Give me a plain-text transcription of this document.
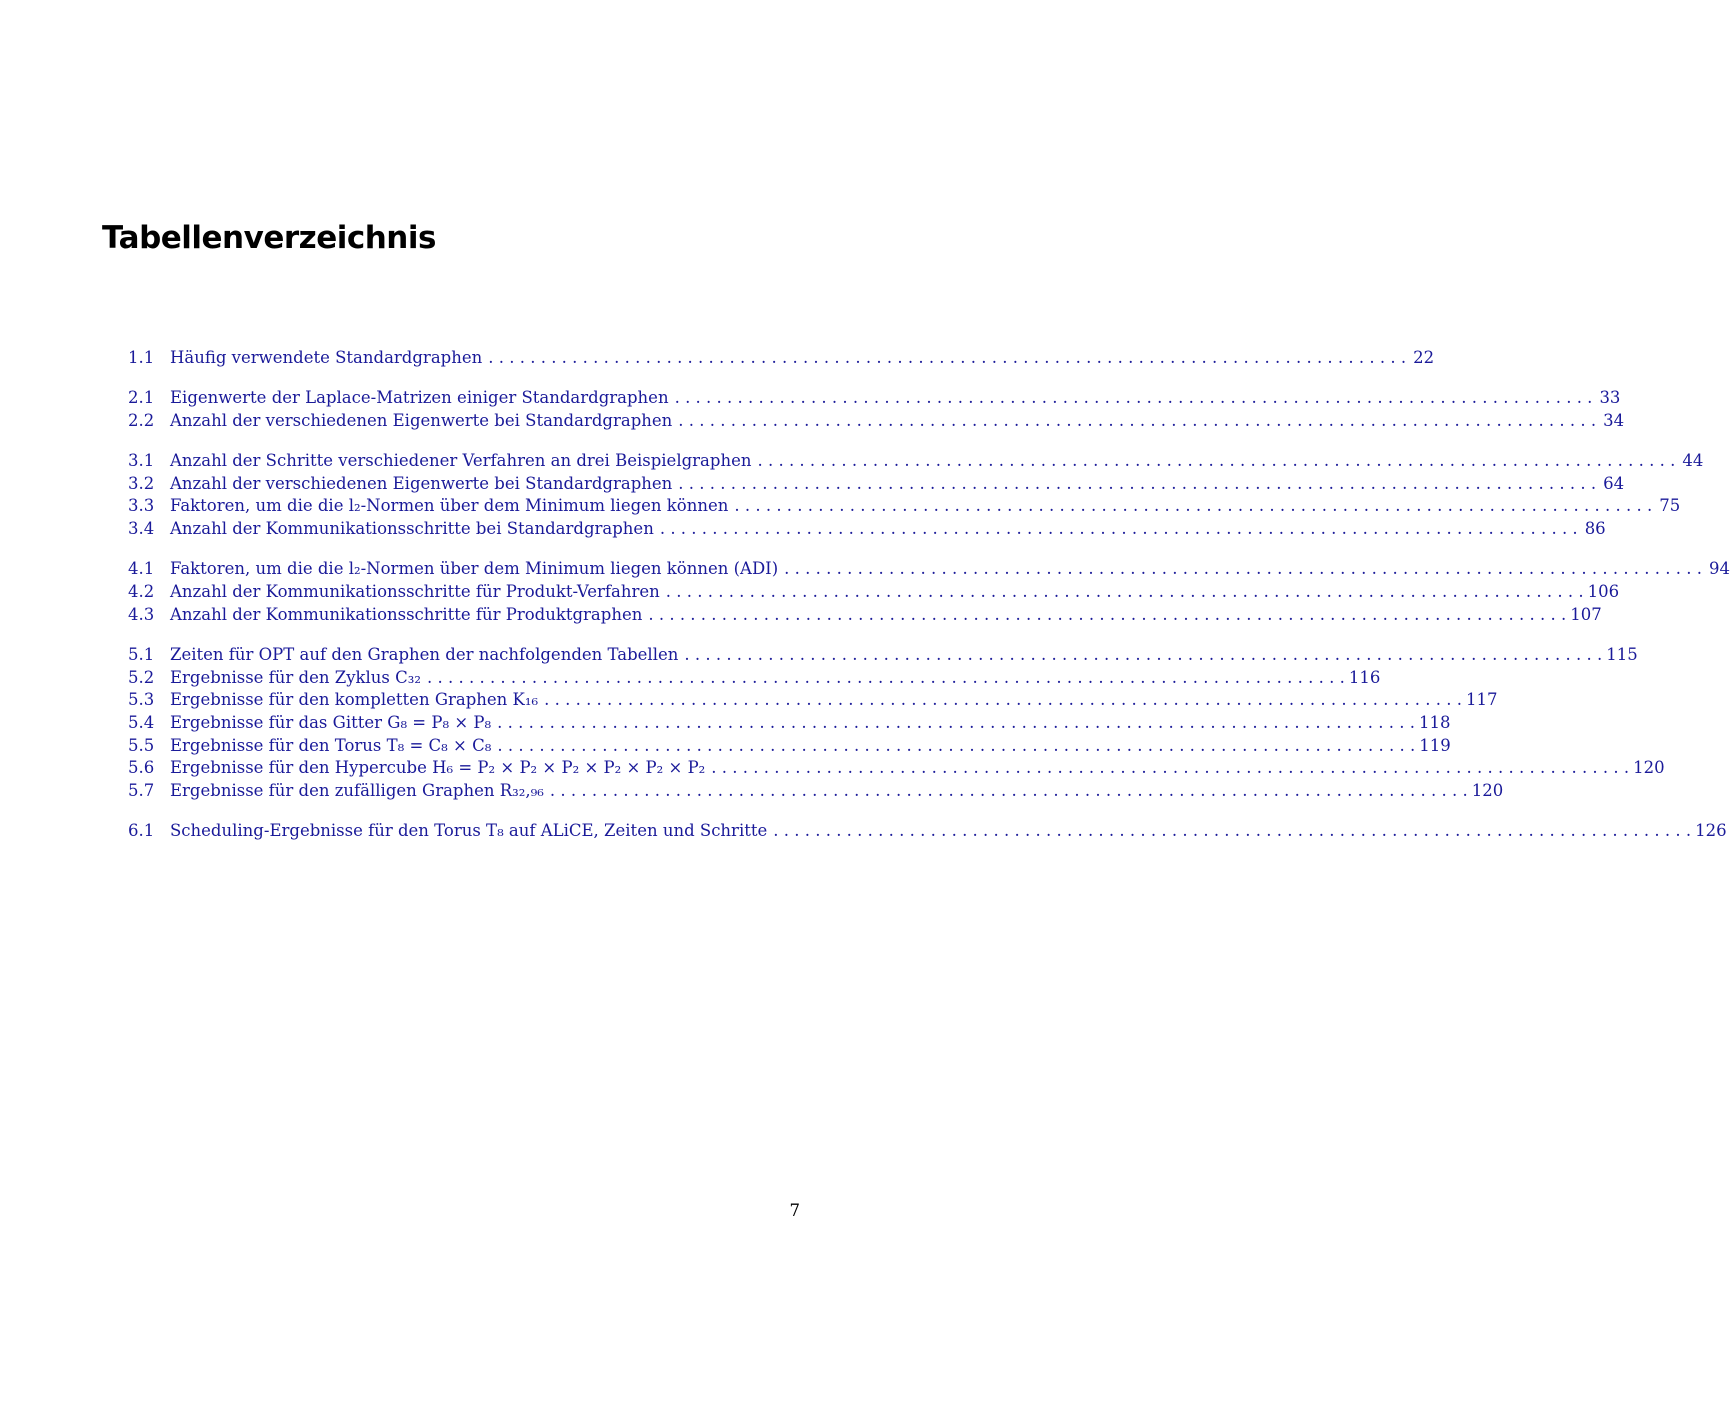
Tabellenverzeichnis
1.1 Häufig verwendete Standardgraphen . . .	22
2.1 Eigenwerte der Laplace-Matrizen einiger Standardgraphen . . .	33
2.2 Anzahl der verschiedenen Eigenwerte bei Standardgraphen . . .	34
3.1 Anzahl der Schritte verschiedener Verfahren an drei Beispielgraphen . . .	44
3.2 Anzahl der verschiedenen Eigenwerte bei Standardgraphen . . .	64
3.3 Faktoren, um die die l₂-Normen über dem Minimum liegen können . . .	75
3.4 Anzahl der Kommunikationsschritte bei Standardgraphen . . .	86
4.1 Faktoren, um die die l₂-Normen über dem Minimum liegen können (ADI) . . .	94
4.2 Anzahl der Kommunikationsschritte für Produkt-Verfahren . . .	106
4.3 Anzahl der Kommunikationsschritte für Produktgraphen . . .	107
5.1 Zeiten für OPT auf den Graphen der nachfolgenden Tabellen . . .	115
5.2 Ergebnisse für den Zyklus C₃₂ . . .	116
5.3 Ergebnisse für den kompletten Graphen K₁₆ . . .	117
5.4 Ergebnisse für das Gitter G₈ = P₈ × P₈ . . .	118
5.5 Ergebnisse für den Torus T₈ = C₈ × C₈ . . .	119
5.6 Ergebnisse für den Hypercube H₆ = P₂ × P₂ × P₂ × P₂ × P₂ × P₂ . . .	120
5.7 Ergebnisse für den zufälligen Graphen R₃₂,₉₆ . . .	120
6.1 Scheduling-Ergebnisse für den Torus T₈ auf ALiCE, Zeiten und Schritte . . .	126
7
